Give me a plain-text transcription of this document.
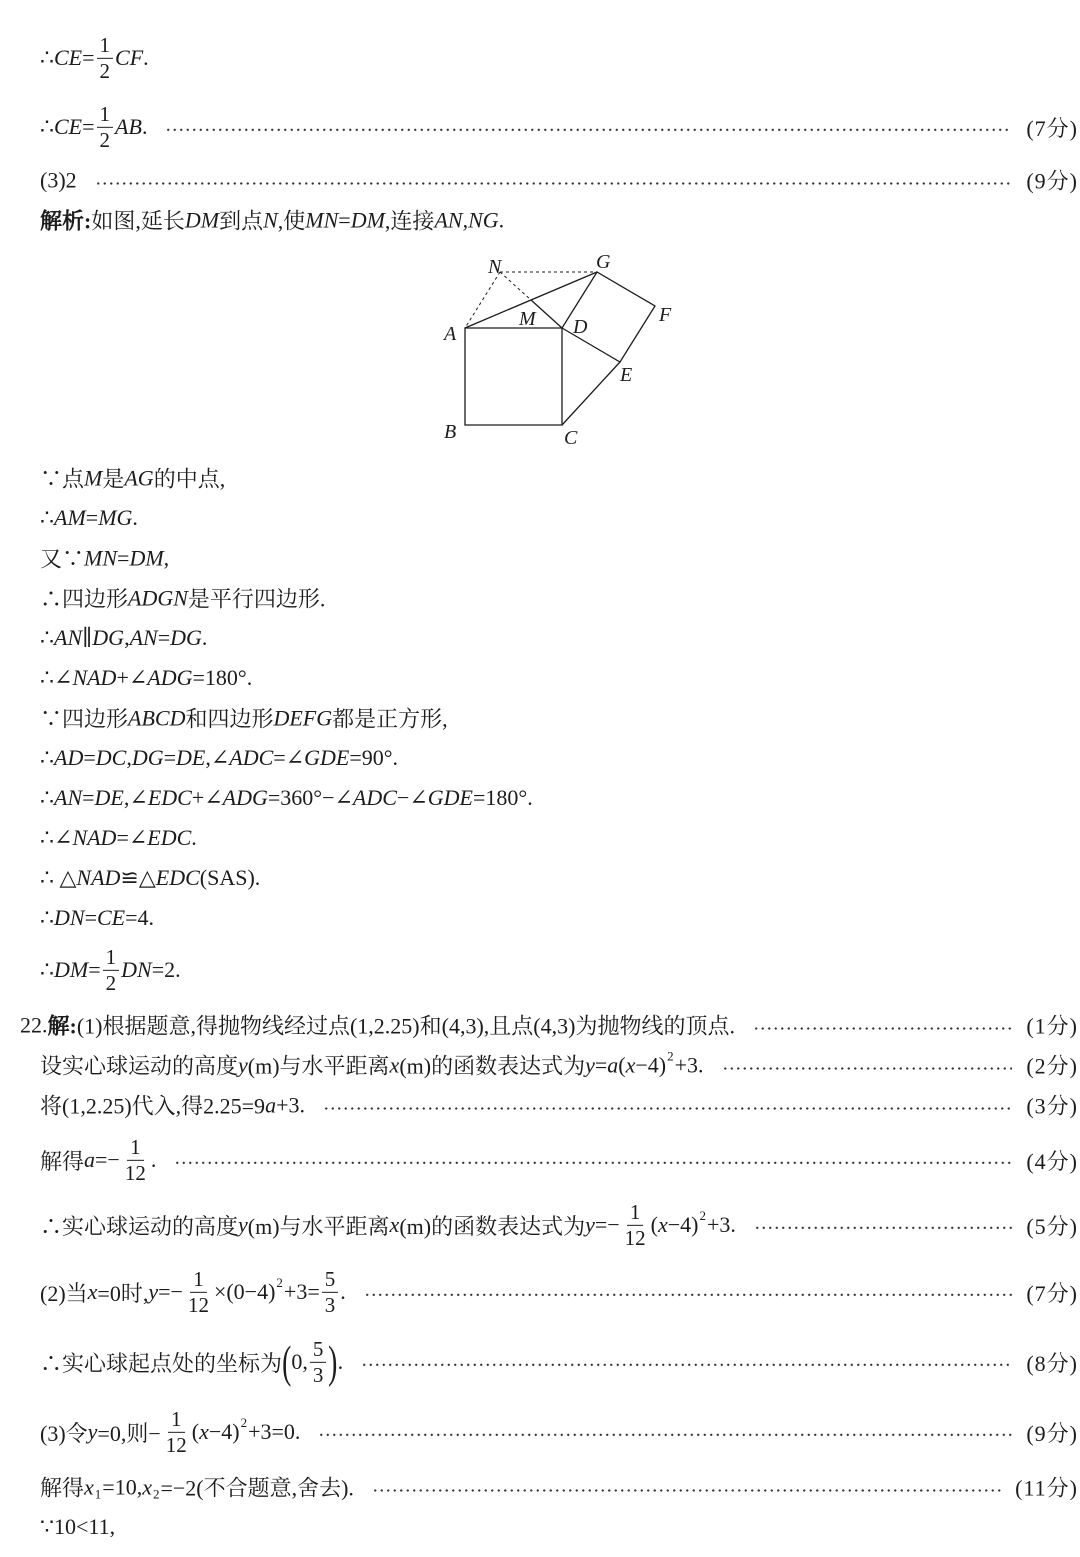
N	G
A
M D
F
E
B	C
∴ CE = $\frac{1}{2}$ CF .
∴ CE = $\frac{1}{2}$ AB .	(7分)
(3)2	(9分)
解析: 如图,延长 DM 到点 N ,使 MN = DM ,连接 AN , NG .
∵点 M 是 AG 的中点,
∴ AM = MG .
又∵ MN = DM ,
∴四边形 ADGN 是平行四边形.
∴ AN ∥ DG , AN = DG .
∴∠ NAD +∠ ADG =180°.
∵四边形 ABCD 和四边形 DEFG 都是正方形,
∴ AD = DC , DG = DE ,∠ ADC =∠ GDE =90°.
∴ AN = DE ,∠ EDC +∠ ADG =360°−∠ ADC −∠ GDE =180°.
∴∠ NAD =∠ EDC .
∴ △ NAD ≌△ EDC (SAS).
∴ DN = CE =4.
∴ DM = $\frac{1}{2}$ DN =2.
22. 解: (1)根据题意,得抛物线经过点(1,2.25)和(4,3),且点(4,3)为抛物线的顶点.	(1分)
设实心球运动的高度 y (m)与水平距离 x (m)的函数表达式为 y = a ( x −4) 2 +3.	(2分)
将(1,2.25)代入,得2.25=9 a +3.	(3分)
解得 $a =- \frac{1}{12}$ .	(4分)
∴实心球运动的高度 y (m)与水平距离 x (m)的函数表达式为 $y =- \frac{1}{12}$ ( x −4) 2 +3.	(5分)
(2)当 x =0时, $y =- \frac{1}{12} \times(0-4)$ $2 +3= \frac{5}{3}$ .	(7分)
∴实心球起点处的坐标为 ( 0, $\frac{5}{3}$ ) .	(8分)
(3)令 y =0,则− $\frac{1}{12}$ ( x −4) 2 +3=0.	(9分)
解得 x 1 =10, x 2 =−2(不合题意,舍去).	(11分)
∵10<11,
